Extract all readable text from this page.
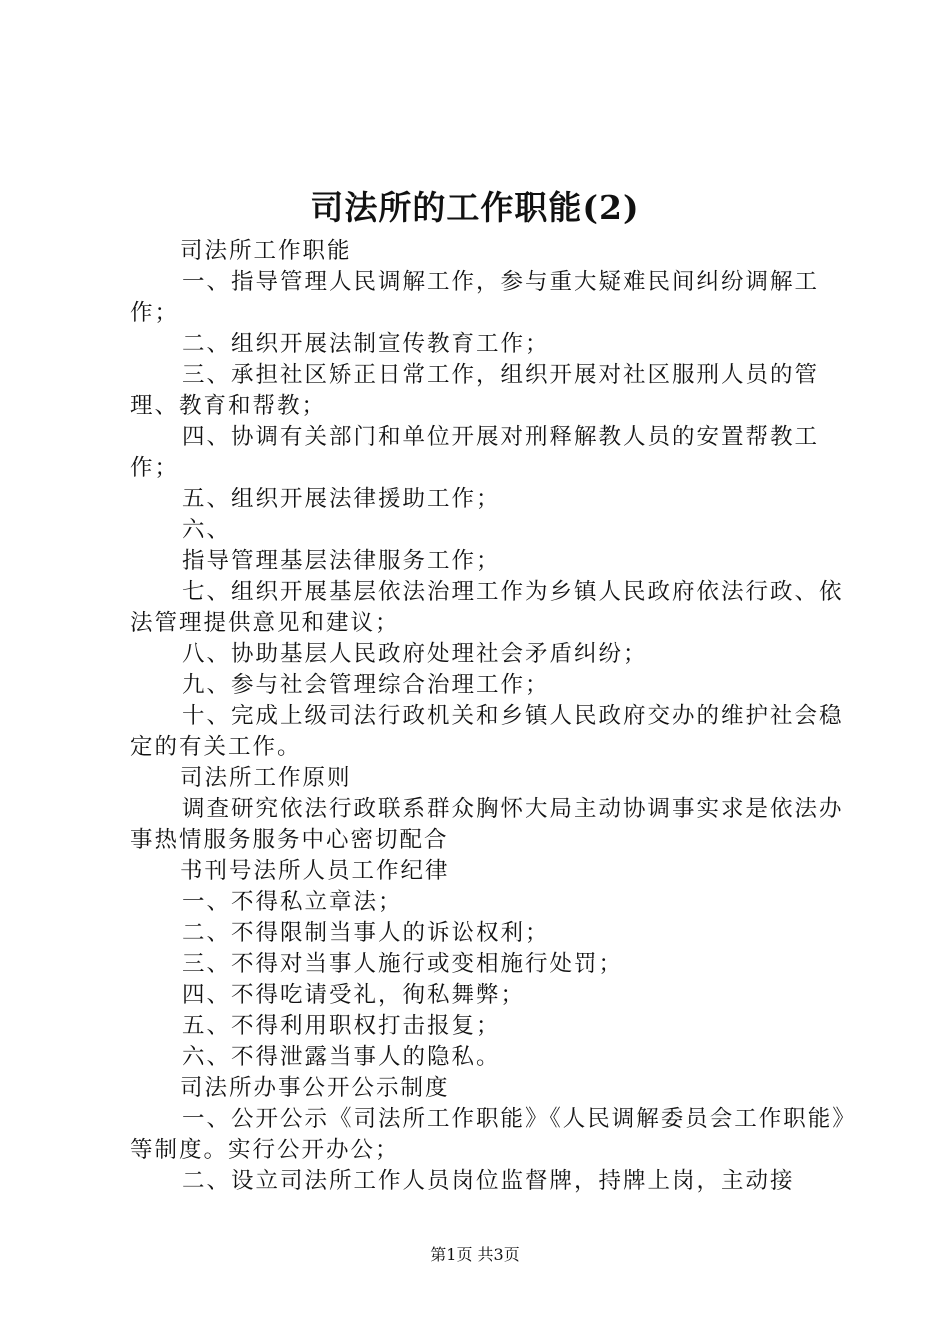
司法所的工作职能(2)

司法所工作职能

一、指导管理人民调解工作，参与重大疑难民间纠纷调解工作；

二、组织开展法制宣传教育工作；

三、承担社区矫正日常工作，组织开展对社区服刑人员的管理、教育和帮教；

四、协调有关部门和单位开展对刑释解教人员的安置帮教工作；

五、组织开展法律援助工作；

六、

指导管理基层法律服务工作；

七、组织开展基层依法治理工作为乡镇人民政府依法行政、依法管理提供意见和建议；

八、协助基层人民政府处理社会矛盾纠纷；

九、参与社会管理综合治理工作；

十、完成上级司法行政机关和乡镇人民政府交办的维护社会稳定的有关工作。

司法所工作原则

调查研究依法行政联系群众胸怀大局主动协调事实求是依法办事热情服务服务中心密切配合

书刊号法所人员工作纪律

一、不得私立章法；

二、不得限制当事人的诉讼权利；

三、不得对当事人施行或变相施行处罚；

四、不得吃请受礼，徇私舞弊；

五、不得利用职权打击报复；

六、不得泄露当事人的隐私。

司法所办事公开公示制度

一、公开公示《司法所工作职能》《人民调解委员会工作职能》等制度。实行公开办公；

二、设立司法所工作人员岗位监督牌，持牌上岗，主动接

第1页 共3页
